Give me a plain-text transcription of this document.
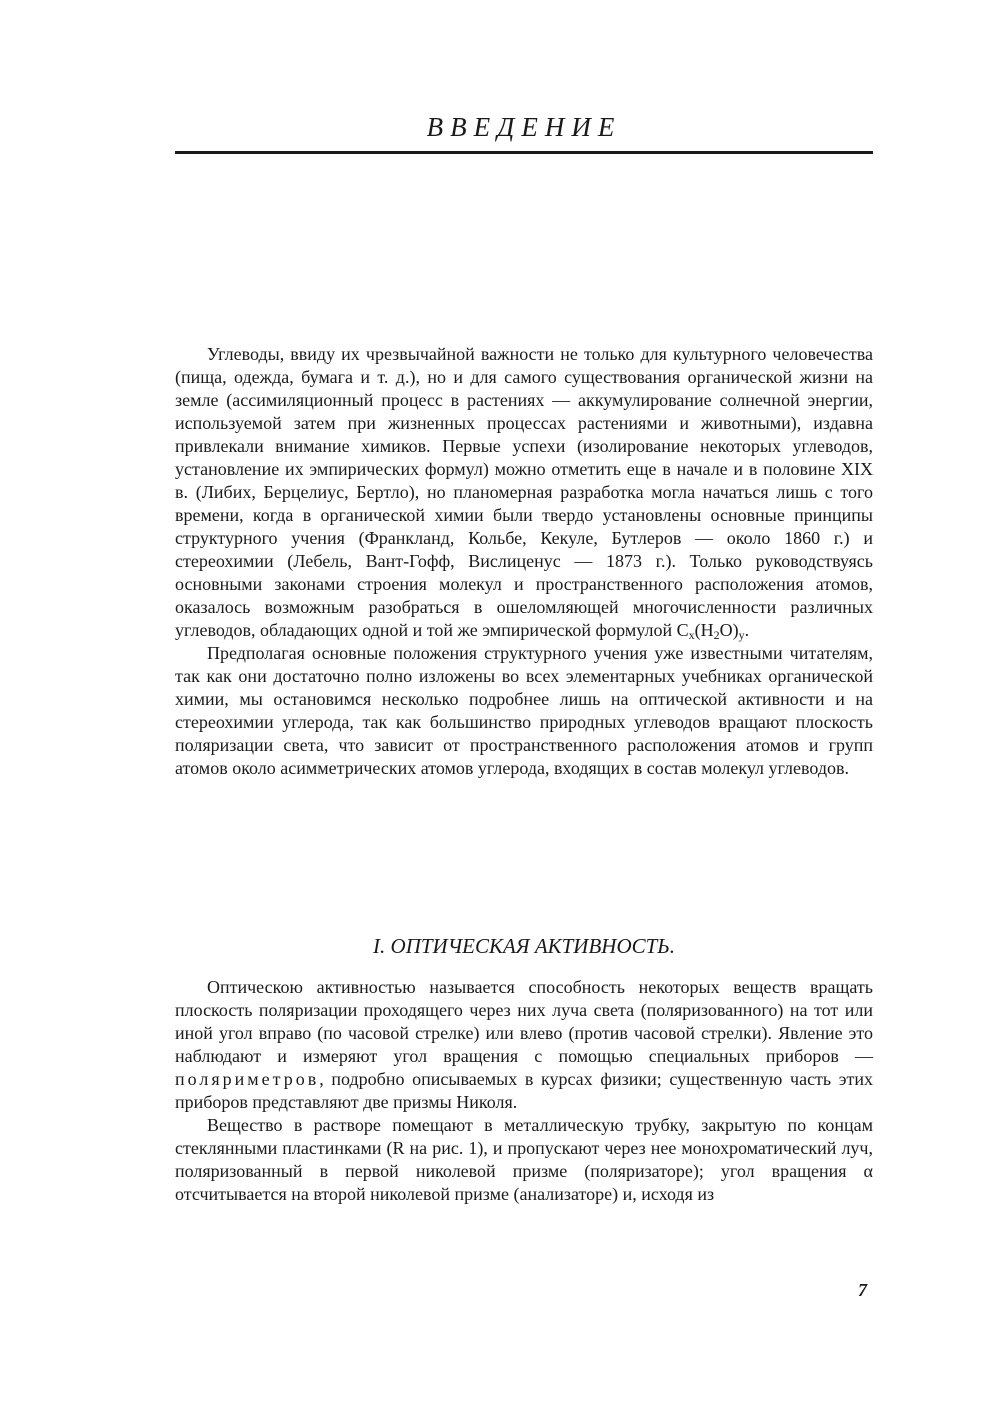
ВВЕДЕНИЕ

Углеводы, ввиду их чрезвычайной важности не только для культурного человечества (пища, одежда, бумага и т. д.), но и для самого существования органической жизни на земле (ассимиляционный процесс в растениях — аккумулирование солнечной энергии, используемой затем при жизненных процессах растениями и животными), издавна привлекали внимание химиков. Первые успехи (изолирование некоторых углеводов, установление их эмпирических формул) можно отметить еще в начале и в половине XIX в. (Либих, Берцелиус, Бертло), но планомерная разработка могла начаться лишь с того времени, когда в органической химии были твердо установлены основные принципы структурного учения (Франкланд, Кольбе, Кекуле, Бутлеров — около 1860 г.) и стереохимии (Лебель, Вант-Гофф, Вислиценус — 1873 г.). Только руководствуясь основными законами строения молекул и пространственного расположения атомов, оказалось возможным разобраться в ошеломляющей многочисленности различных углеводов, обладающих одной и той же эмпирической формулой $C_x(H_2O)_y$.

Предполагая основные положения структурного учения уже известными читателям, так как они достаточно полно изложены во всех элементарных учебниках органической химии, мы остановимся несколько подробнее лишь на оптической активности и на стереохимии углерода, так как большинство природных углеводов вращают плоскость поляризации света, что зависит от пространственного расположения атомов и групп атомов около асимметрических атомов углерода, входящих в состав молекул углеводов.

I. ОПТИЧЕСКАЯ АКТИВНОСТЬ.

Оптическою активностью называется способность некоторых веществ вращать плоскость поляризации проходящего через них луча света (поляризованного) на тот или иной угол вправо (по часовой стрелке) или влево (против часовой стрелки). Явление это наблюдают и измеряют угол вращения с помощью специальных приборов — поляриметров, подробно описываемых в курсах физики; существенную часть этих приборов представляют две призмы Николя.

Вещество в растворе помещают в металлическую трубку, закрытую по концам стеклянными пластинками (R на рис. 1), и пропускают через нее монохроматический луч, поляризованный в первой николевой призме (поляризаторе); угол вращения α отсчитывается на второй николевой призме (анализаторе) и, исходя из

7
